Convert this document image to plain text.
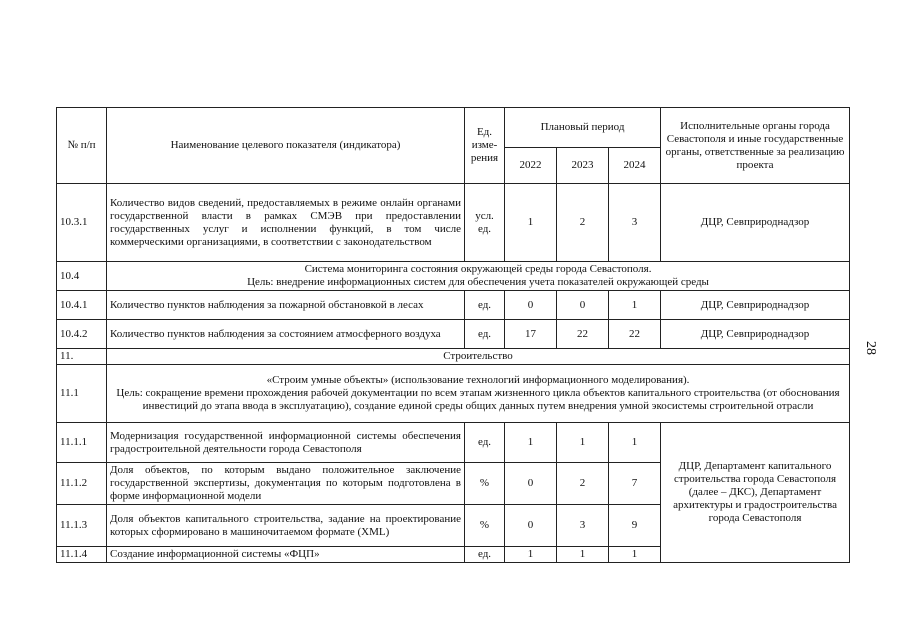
№ п/п	Наименование целевого показателя (индикатора)	Ед. изме-рения	Плановый период			Исполнительные органы города Севастополя и иные государственные органы, ответственные за реализацию проекта
			2022	2023	2024	
10.3.1	Количество видов сведений, предоставляемых в режиме онлайн органами государственной власти в рамках СМЭВ при предоставлении государственных услуг и исполнении функций, в том числе коммерческими организациями, в соответствии с законодательством	усл. ед.	1	2	3	ДЦР, Севприроднадзор
10.4	Система мониторинга состояния окружающей среды города Севастополя.
Цель: внедрение информационных систем для обеспечения учета показателей окружающей среды					

10.4.1	Количество пунктов наблюдения за пожарной обстановкой в лесах	ед.	0	0	1	ДЦР, Севприроднадзор
10.4.2	Количество пунктов наблюдения за состоянием атмосферного воздуха	ед.	17	22	22	ДЦР, Севприроднадзор
11.	Строительство					
11.1	«Строим умные объекты» (использование технологий информационного моделирования).
Цель: сокращение времени прохождения рабочей документации по всем этапам жизненного цикла объектов капитального строительства (от обоснования инвестиций до этапа ввода в эксплуатацию), создание единой среды общих данных путем внедрения умной экосистемы строительной отрасли					

11.1.1	Модернизация государственной информационной системы обеспечения градостроительной деятельности города Севастополя	ед.	1	1	1	ДЦР, Департамент капитального строительства города Севастополя (далее – ДКС), Департамент архитектуры и градостроительства города Севастополя
11.1.2	Доля объектов, по которым выдано положительное заключение государственной экспертизы, документация по которым подготовлена в форме информационной модели	%	0	2	7	
11.1.3	Доля объектов капитального строительства, задание на проектирование которых сформировано в машиночитаемом формате (XML)	%	0	3	9	
11.1.4	Создание информационной системы «ФЦП»	ед.	1	1	1	
28
